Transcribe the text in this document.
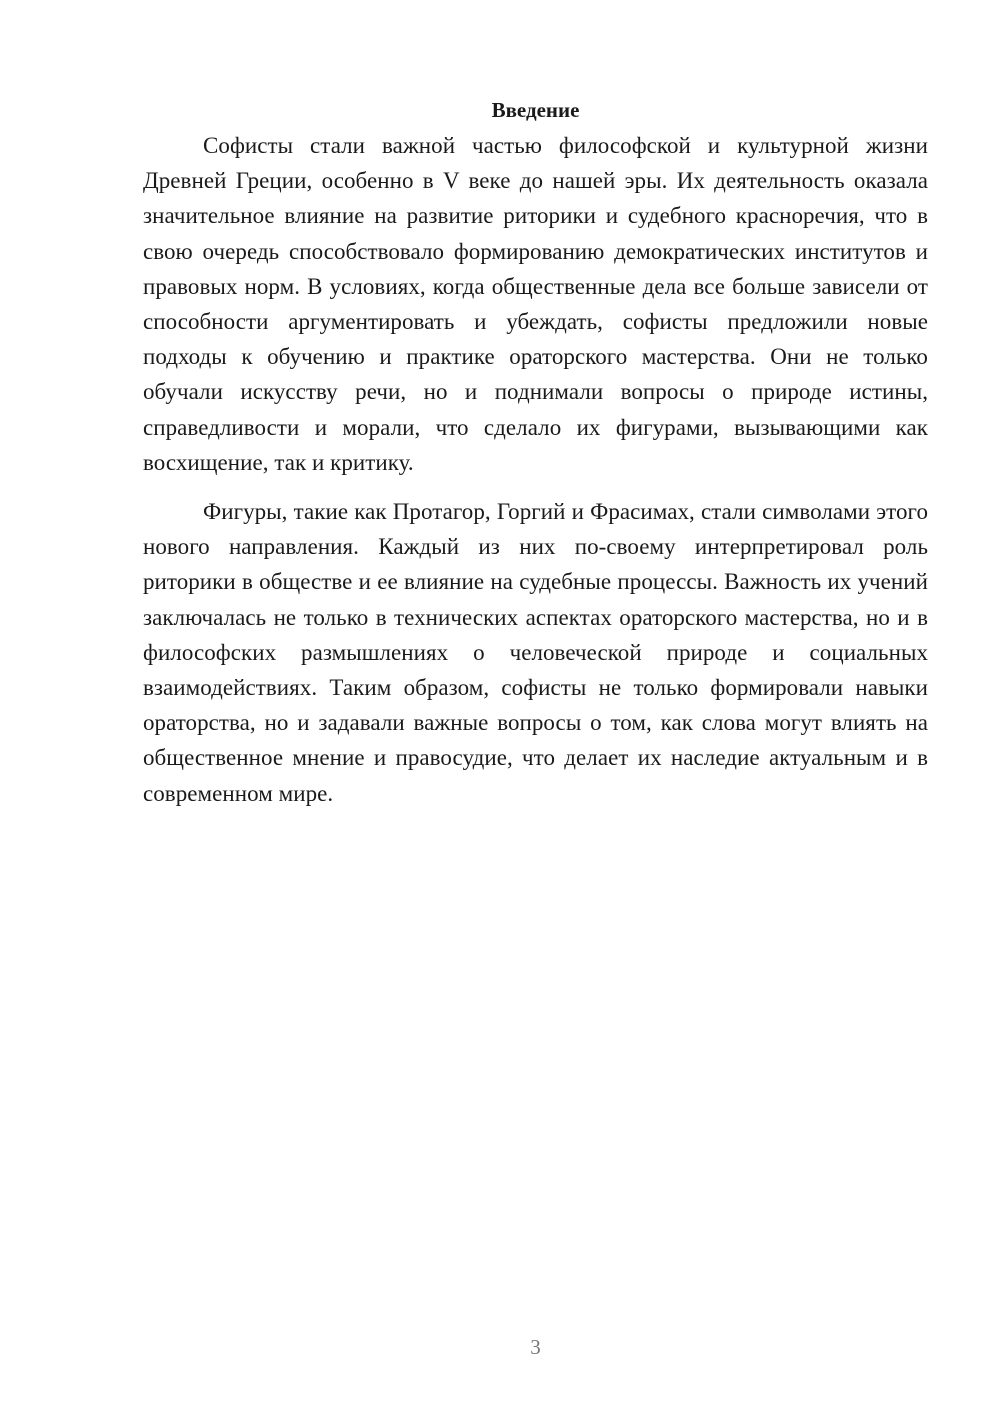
Введение

Софисты стали важной частью философской и культурной жизни Древней Греции, особенно в V веке до нашей эры. Их деятельность оказала значительное влияние на развитие риторики и судебного красноречия, что в свою очередь способствовало формированию демократических институтов и правовых норм. В условиях, когда общественные дела все больше зависели от способности аргументировать и убеждать, софисты предложили новые подходы к обучению и практике ораторского мастерства. Они не только обучали искусству речи, но и поднимали вопросы о природе истины, справедливости и морали, что сделало их фигурами, вызывающими как восхищение, так и критику.

Фигуры, такие как Протагор, Горгий и Фрасимах, стали символами этого нового направления. Каждый из них по-своему интерпретировал роль риторики в обществе и ее влияние на судебные процессы. Важность их учений заключалась не только в технических аспектах ораторского мастерства, но и в философских размышлениях о человеческой природе и социальных взаимодействиях. Таким образом, софисты не только формировали навыки ораторства, но и задавали важные вопросы о том, как слова могут влиять на общественное мнение и правосудие, что делает их наследие актуальным и в современном мире.

3
